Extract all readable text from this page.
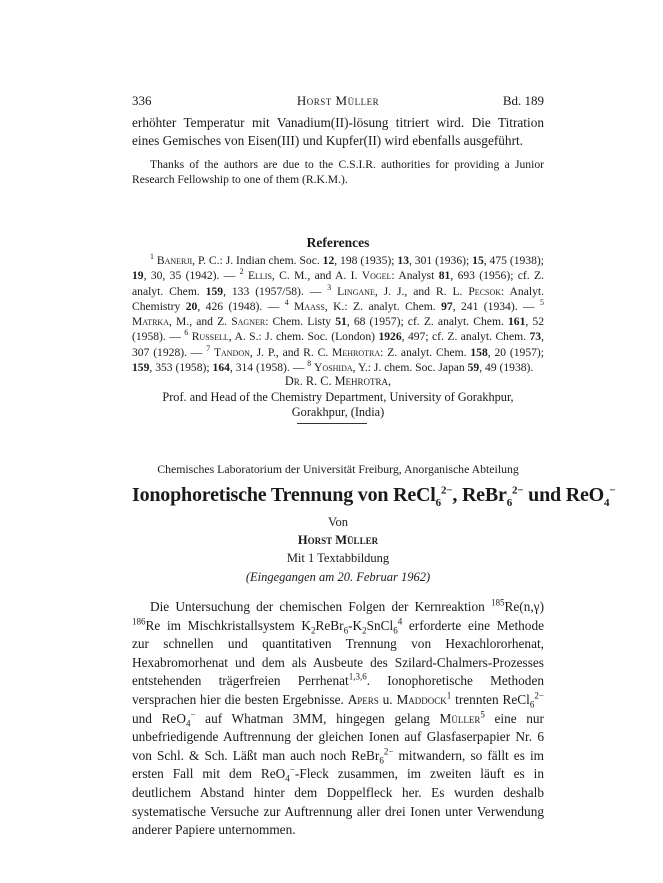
336	Horst Müller	Bd. 189

erhöhter Temperatur mit Vanadium(II)-lösung titriert wird. Die Titration eines Gemisches von Eisen(III) und Kupfer(II) wird ebenfalls ausgeführt.

Thanks of the authors are due to the C.S.I.R. authorities for providing a Junior Research Fellowship to one of them (R.K.M.).

References

$^1$ Banerji, P. C.: J. Indian chem. Soc. 12, 198 (1935); 13, 301 (1936); 15, 475 (1938); 19, 30, 35 (1942). — $^2$ Ellis, C. M., and A. I. Vogel: Analyst 81, 693 (1956); cf. Z. analyt. Chem. 159, 133 (1957/58). — $^3$ Lingane, J. J., and R. L. Pecsok: Analyt. Chemistry 20, 426 (1948). — $^4$ Maass, K.: Z. analyt. Chem. 97, 241 (1934). — $^5$ Matrka, M., and Z. Sagner: Chem. Listy 51, 68 (1957); cf. Z. analyt. Chem. 161, 52 (1958). — $^6$ Russell, A. S.: J. chem. Soc. (London) 1926, 497; cf. Z. analyt. Chem. 73, 307 (1928). — $^7$ Tandon, J. P., and R. C. Mehrotra: Z. analyt. Chem. 158, 20 (1957); 159, 353 (1958); 164, 314 (1958). — $^8$ Yoshida, Y.: J. chem. Soc. Japan 59, 49 (1938).

Dr. R. C. Mehrotra,
Prof. and Head of the Chemistry Department, University of Gorakhpur,
Gorakhpur, (India)
Chemisches Laboratorium der Universität Freiburg, Anorganische Abteilung
Ionophoretische Trennung von ReCl$_6^{2-}$, ReBr$_6^{2-}$ und ReO$_4$−
Von
Horst Müller
Mit 1 Textabbildung
(Eingegangen am 20. Februar 1962)

Die Untersuchung der chemischen Folgen der Kernreaktion $^{185}$Re(n,γ) $^{186}$Re im Mischkristallsystem $K_2ReBr_6-K_2SnCl_6^4$ erforderte eine Methode zur schnellen und quantitativen Trennung von Hexachlororhenat, Hexabromorhenat und dem als Ausbeute des Szilard-Chalmers-Prozesses entstehenden trägerfreien Perrhenat$^{1,3,6}$. Ionophoretische Methoden versprachen hier die besten Ergebnisse. Apers u. Maddock$^1$ trennten ReCl$_6^{2-}$ und ReO$_4$− auf Whatman 3MM, hingegen gelang Müller$^5$ eine nur unbefriedigende Auftrennung der gleichen Ionen auf Glasfaserpapier Nr. 6 von Schl. & Sch. Läßt man auch noch ReBr$_6^{2-}$ mitwandern, so fällt es im ersten Fall mit dem ReO$_4$−-Fleck zusammen, im zweiten läuft es in deutlichem Abstand hinter dem Doppelfleck her. Es wurden deshalb systematische Versuche zur Auftrennung aller drei Ionen unter Verwendung anderer Papiere unternommen.
